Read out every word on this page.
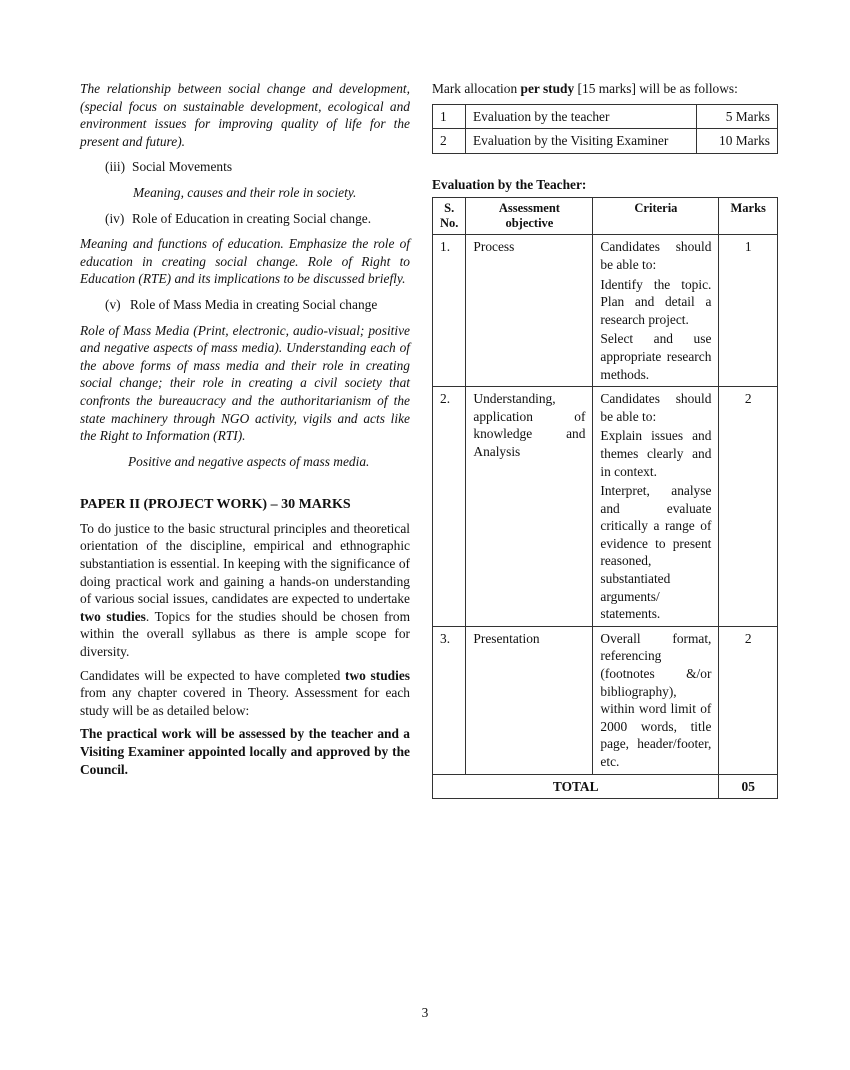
The relationship between social change and development, (special focus on sustainable development, ecological and environment issues for improving quality of life for the present and future).

(iii) Social Movements

Meaning, causes and their role in society.

(iv) Role of Education in creating Social change.

Meaning and functions of education. Emphasize the role of education in creating social change. Role of Right to Education (RTE) and its implications to be discussed briefly.

(v) Role of Mass Media in creating Social change

Role of Mass Media (Print, electronic, audio-visual; positive and negative aspects of mass media). Understanding each of the above forms of mass media and their role in creating social change; their role in creating a civil society that confronts the bureaucracy and the authoritarianism of the state machinery through NGO activity, vigils and acts like the Right to Information (RTI).

Positive and negative aspects of mass media.

PAPER II (PROJECT WORK) – 30 MARKS

To do justice to the basic structural principles and theoretical orientation of the discipline, empirical and ethnographic substantiation is essential. In keeping with the significance of doing practical work and gaining a hands-on understanding of various social issues, candidates are expected to undertake two studies. Topics for the studies should be chosen from within the overall syllabus as there is ample scope for diversity.

Candidates will be expected to have completed two studies from any chapter covered in Theory. Assessment for each study will be as detailed below:

The practical work will be assessed by the teacher and a Visiting Examiner appointed locally and approved by the Council.

Mark allocation per study [15 marks] will be as follows:

1	Evaluation by the teacher	5 Marks
2	Evaluation by the Visiting Examiner	10 Marks

Evaluation by the Teacher:

S. No.	Assessment objective	Criteria	Marks
1.	Process	Candidates should be able to:
Identify the topic. Plan and detail a research project.
Select and use appropriate research methods.	1
2.	Understanding, application of knowledge and Analysis	Candidates should be able to:
Explain issues and themes clearly and in context.
Interpret, analyse and evaluate critically a range of evidence to present reasoned, substantiated arguments/ statements.	2
3.	Presentation	Overall format, referencing (footnotes &/or bibliography), within word limit of 2000 words, title page, header/footer, etc.	2
TOTAL			05
3
